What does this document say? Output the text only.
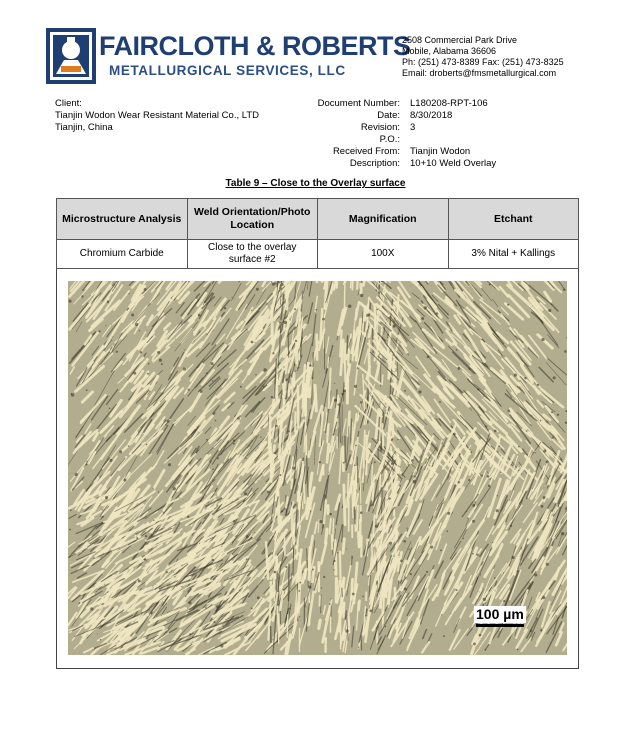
FAIRCLOTH & ROBERTS
METALLURGICAL SERVICES, LLC
2508 Commercial Park Drive
Mobile, Alabama 36606
Ph: (251) 473-8389 Fax: (251) 473-8325
Email: droberts@fmsmetallurgical.com
Client:
Tianjin Wodon Wear Resistant Material Co., LTD
Tianjin, China
Document Number: L180208-RPT-106
Date: 8/30/2018
Revision: 3
P.O.:
Received From: Tianjin Wodon
Description: 10+10 Weld Overlay
Table 9 – Close to the Overlay surface
Microstructure Analysis	Weld Orientation/Photo Location	Magnification	Etchant
Chromium Carbide	Close to the overlay surface #2	100X	3% Nital + Kallings
100 µm
